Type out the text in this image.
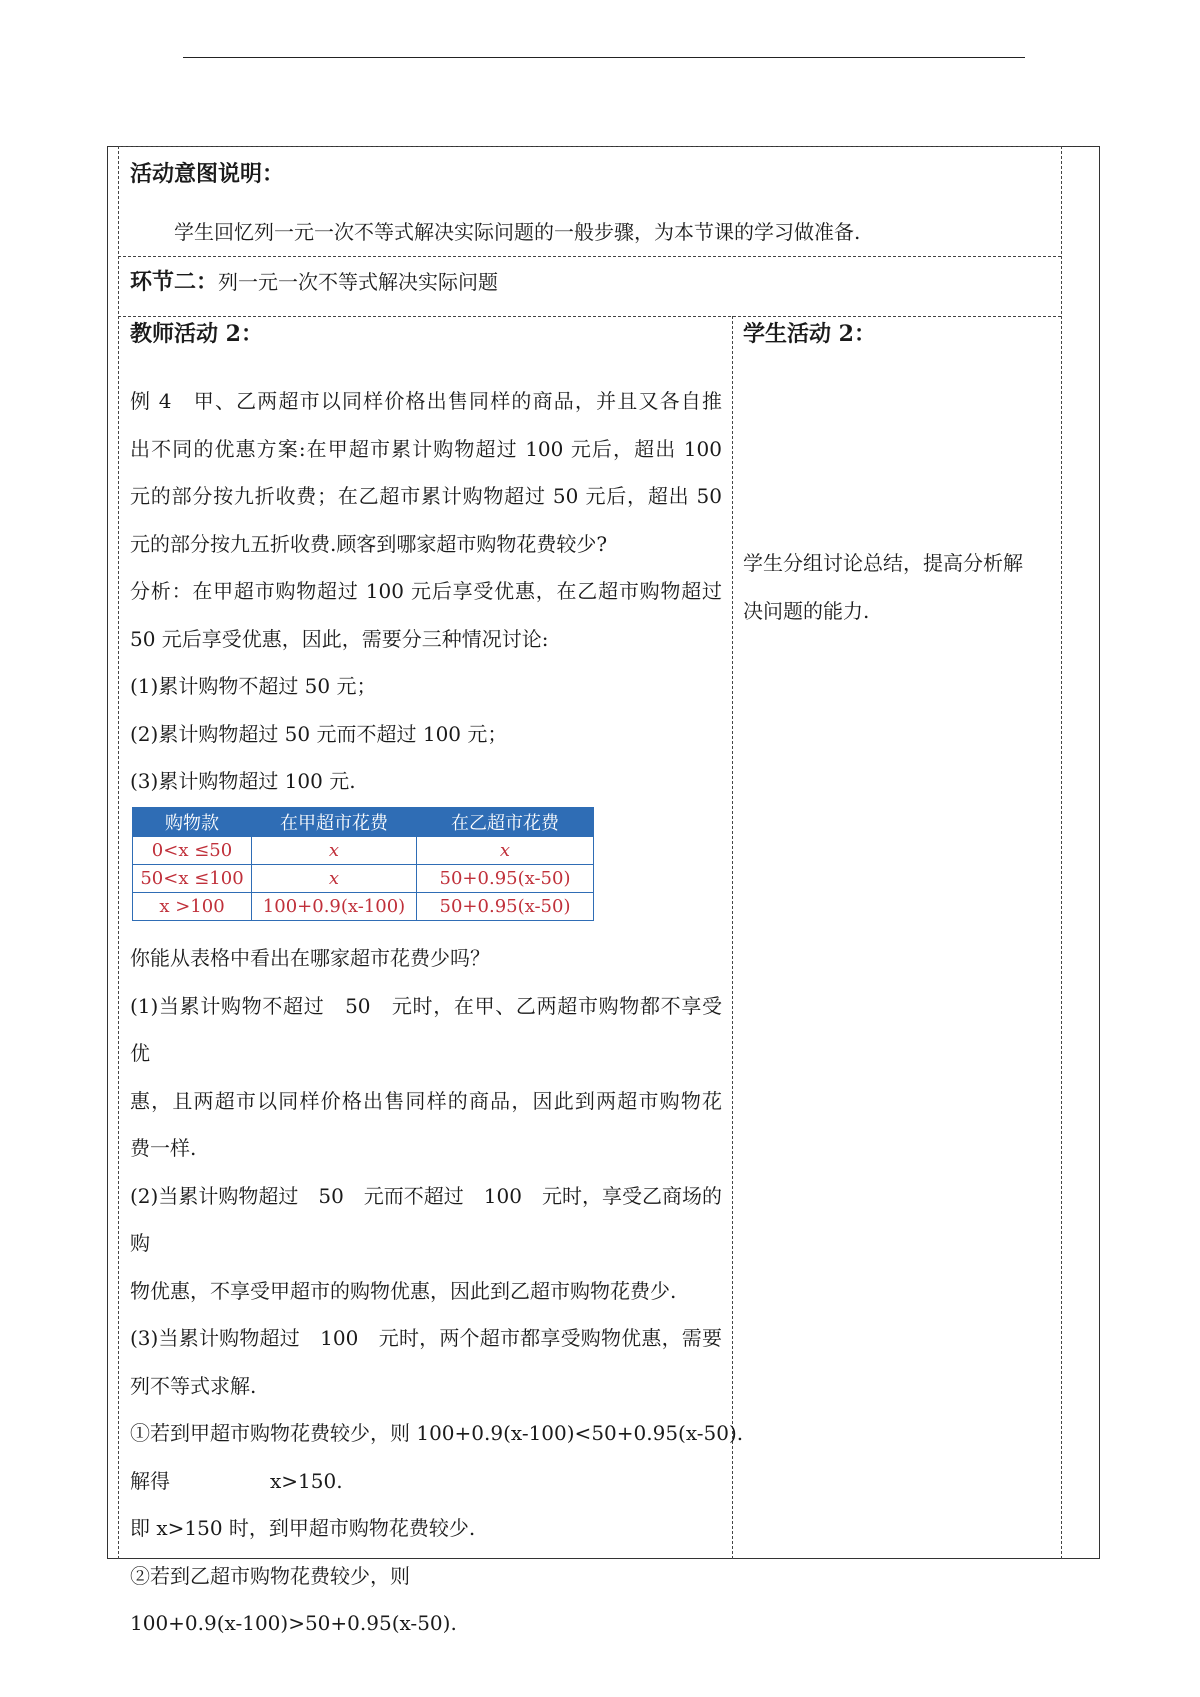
活动意图说明：
学生回忆列一元一次不等式解决实际问题的一般步骤，为本节课的学习做准备.
环节二：列一元一次不等式解决实际问题
教师活动 2：

例 4　甲、乙两超市以同样价格出售同样的商品，并且又各自推

出不同的优惠方案:在甲超市累计购物超过 100 元后，超出 100

元的部分按九折收费；在乙超市累计购物超过 50 元后，超出 50

元的部分按九五折收费.顾客到哪家超市购物花费较少?

分析：在甲超市购物超过 100 元后享受优惠，在乙超市购物超过

50 元后享受优惠，因此，需要分三种情况讨论:

(1)累计购物不超过 50 元；

(2)累计购物超过 50 元而不超过 100 元；

(3)累计购物超过 100 元.

购物款	在甲超市花费	在乙超市花费
0<x ≤50	x	x
50<x ≤100	x	50+0.95(x-50)
x >100	100+0.9(x-100)	50+0.95(x-50)

你能从表格中看出在哪家超市花费少吗？

(1)当累计购物不超过　50　元时，在甲、乙两超市购物都不享受优

惠，且两超市以同样价格出售同样的商品，因此到两超市购物花

费一样.

(2)当累计购物超过　50　元而不超过　100　元时，享受乙商场的购

物优惠，不享受甲超市的购物优惠，因此到乙超市购物花费少.

(3)当累计购物超过　100　元时，两个超市都享受购物优惠，需要

列不等式求解.

①若到甲超市购物花费较少，则 100+0.9(x-100)<50+0.95(x-50).

解得　　　　　x>150.

即 x>150 时，到甲超市购物花费较少.

②若到乙超市购物花费较少，则

100+0.9(x-100)>50+0.95(x-50).

学生活动 2：

学生分组讨论总结，提高分析解

决问题的能力.
